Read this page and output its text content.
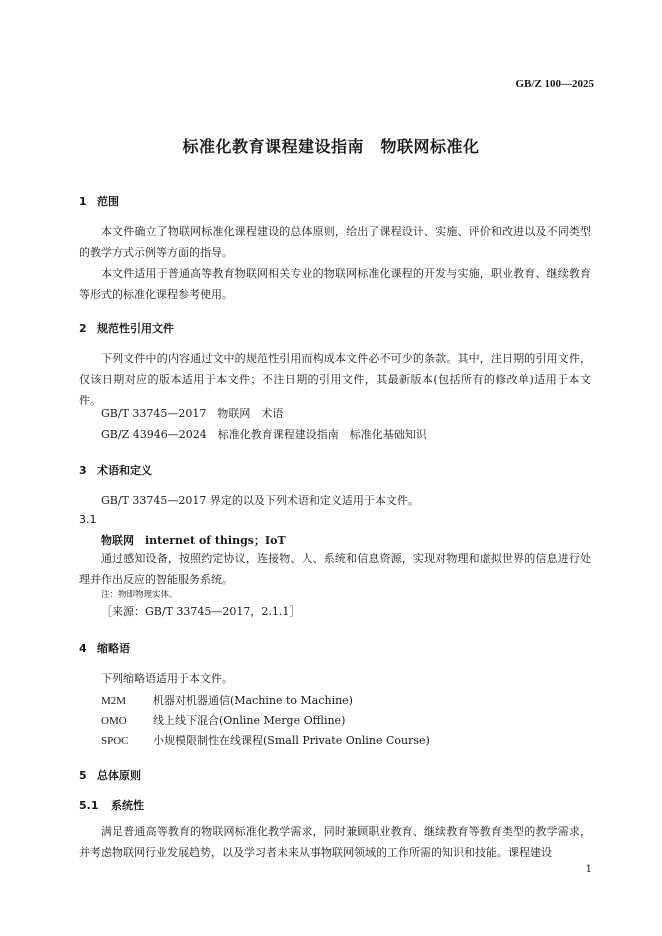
GB/Z 100—2025
标准化教育课程建设指南　物联网标准化
1 范围
本文件确立了物联网标准化课程建设的总体原则，给出了课程设计、实施、评价和改进以及不同类型的教学方式示例等方面的指导。
本文件适用于普通高等教育物联网相关专业的物联网标准化课程的开发与实施，职业教育、继续教育等形式的标准化课程参考使用。
2 规范性引用文件
下列文件中的内容通过文中的规范性引用而构成本文件必不可少的条款。其中，注日期的引用文件，仅该日期对应的版本适用于本文件；不注日期的引用文件，其最新版本(包括所有的修改单)适用于本文件。
GB/T 33745—2017　物联网　术语
GB/Z 43946—2024　标准化教育课程建设指南　标准化基础知识
3 术语和定义
GB/T 33745—2017 界定的以及下列术语和定义适用于本文件。
3.1
物联网　internet of things；IoT
通过感知设备，按照约定协议，连接物、人、系统和信息资源，实现对物理和虚拟世界的信息进行处理并作出反应的智能服务系统。
注：物即物理实体。
［来源：GB/T 33745—2017，2.1.1］
4 缩略语
下列缩略语适用于本文件。
M2M 机器对机器通信(Machine to Machine)
OMO 线上线下混合(Online Merge Offline)
SPOC 小规模限制性在线课程(Small Private Online Course)
5 总体原则
5.1 系统性
满足普通高等教育的物联网标准化教学需求，同时兼顾职业教育、继续教育等教育类型的教学需求，并考虑物联网行业发展趋势，以及学习者未来从事物联网领域的工作所需的知识和技能。课程建设
1
